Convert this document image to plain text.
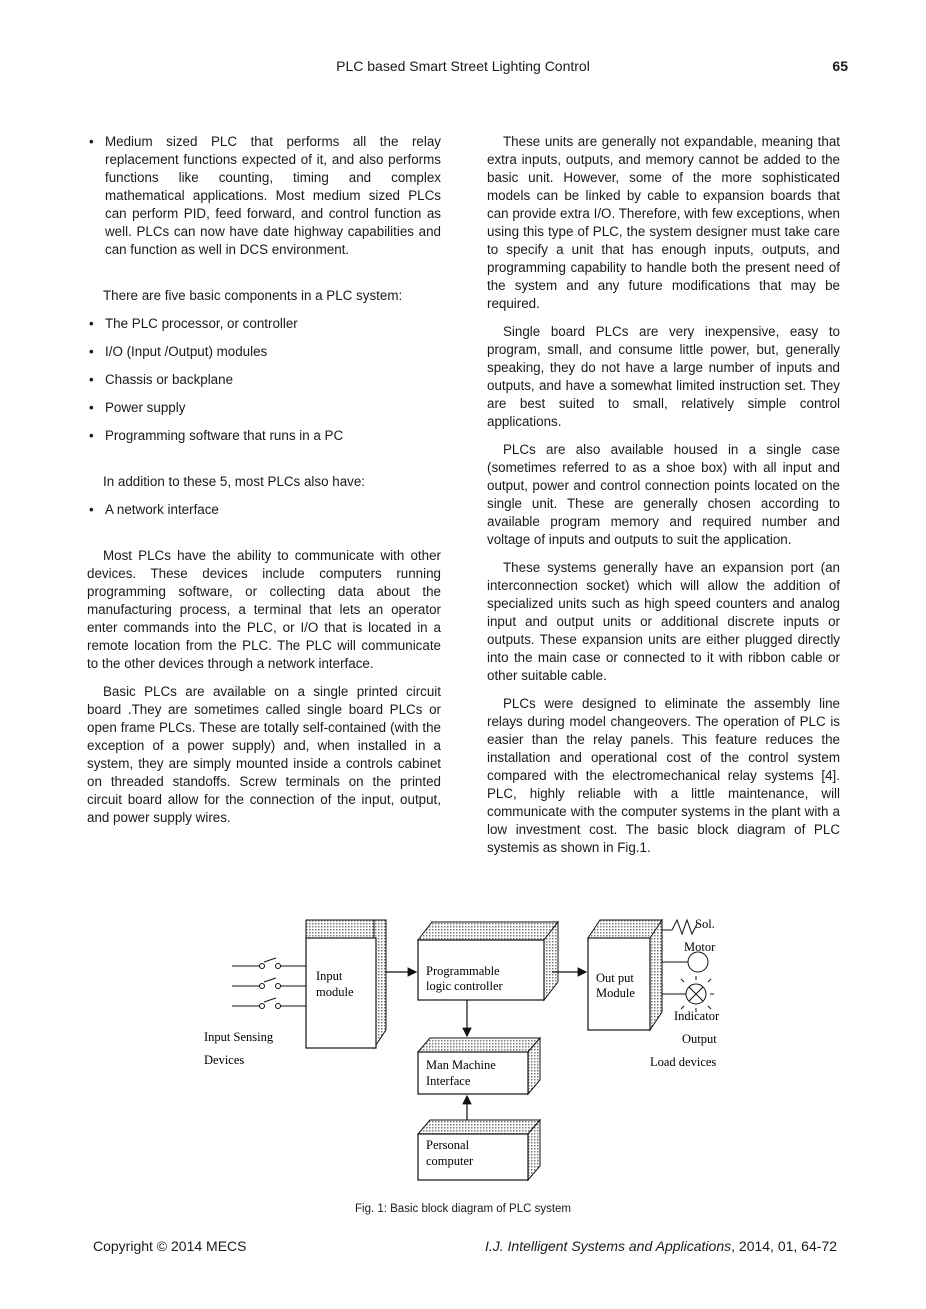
PLC based Smart Street Lighting Control	65
• Medium sized PLC that performs all the relay replacement functions expected of it, and also performs functions like counting, timing and complex mathematical applications. Most medium sized PLCs can perform PID, feed forward, and control function as well. PLCs can now have date highway capabilities and can function as well in DCS environment.

There are five basic components in a PLC system:

• The PLC processor, or controller
• I/O (Input /Output) modules
• Chassis or backplane
• Power supply
• Programming software that runs in a PC

In addition to these 5, most PLCs also have:

• A network interface

Most PLCs have the ability to communicate with other devices. These devices include computers running programming software, or collecting data about the manufacturing process, a terminal that lets an operator enter commands into the PLC, or I/O that is located in a remote location from the PLC. The PLC will communicate to the other devices through a network interface.

Basic PLCs are available on a single printed circuit board .They are sometimes called single board PLCs or open frame PLCs. These are totally self-contained (with the exception of a power supply) and, when installed in a system, they are simply mounted inside a controls cabinet on threaded standoffs. Screw terminals on the printed circuit board allow for the connection of the input, output, and power supply wires.

These units are generally not expandable, meaning that extra inputs, outputs, and memory cannot be added to the basic unit. However, some of the more sophisticated models can be linked by cable to expansion boards that can provide extra I/O. Therefore, with few exceptions, when using this type of PLC, the system designer must take care to specify a unit that has enough inputs, outputs, and programming capability to handle both the present need of the system and any future modifications that may be required.

Single board PLCs are very inexpensive, easy to program, small, and consume little power, but, generally speaking, they do not have a large number of inputs and outputs, and have a somewhat limited instruction set. They are best suited to small, relatively simple control applications.

PLCs are also available housed in a single case (sometimes referred to as a shoe box) with all input and output, power and control connection points located on the single unit. These are generally chosen according to available program memory and required number and voltage of inputs and outputs to suit the application.

These systems generally have an expansion port (an interconnection socket) which will allow the addition of specialized units such as high speed counters and analog input and output units or additional discrete inputs or outputs. These expansion units are either plugged directly into the main case or connected to it with ribbon cable or other suitable cable.

PLCs were designed to eliminate the assembly line relays during model changeovers. The operation of PLC is easier than the relay panels. This feature reduces the installation and operational cost of the control system compared with the electromechanical relay systems [4]. PLC, highly reliable with a little maintenance, will communicate with the computer systems in the plant with a low investment cost. The basic block diagram of PLC systemis as shown in Fig.1.

Input
module
Input Sensing
Devices
Programmable
logic controller
Out put
Module
Sol.
Motor
Indicator
Output
Load devices
Man Machine
Interface
Personal
computer
Fig. 1: Basic block diagram of PLC system
Copyright © 2014 MECS	I.J. Intelligent Systems and Applications, 2014, 01, 64-72
